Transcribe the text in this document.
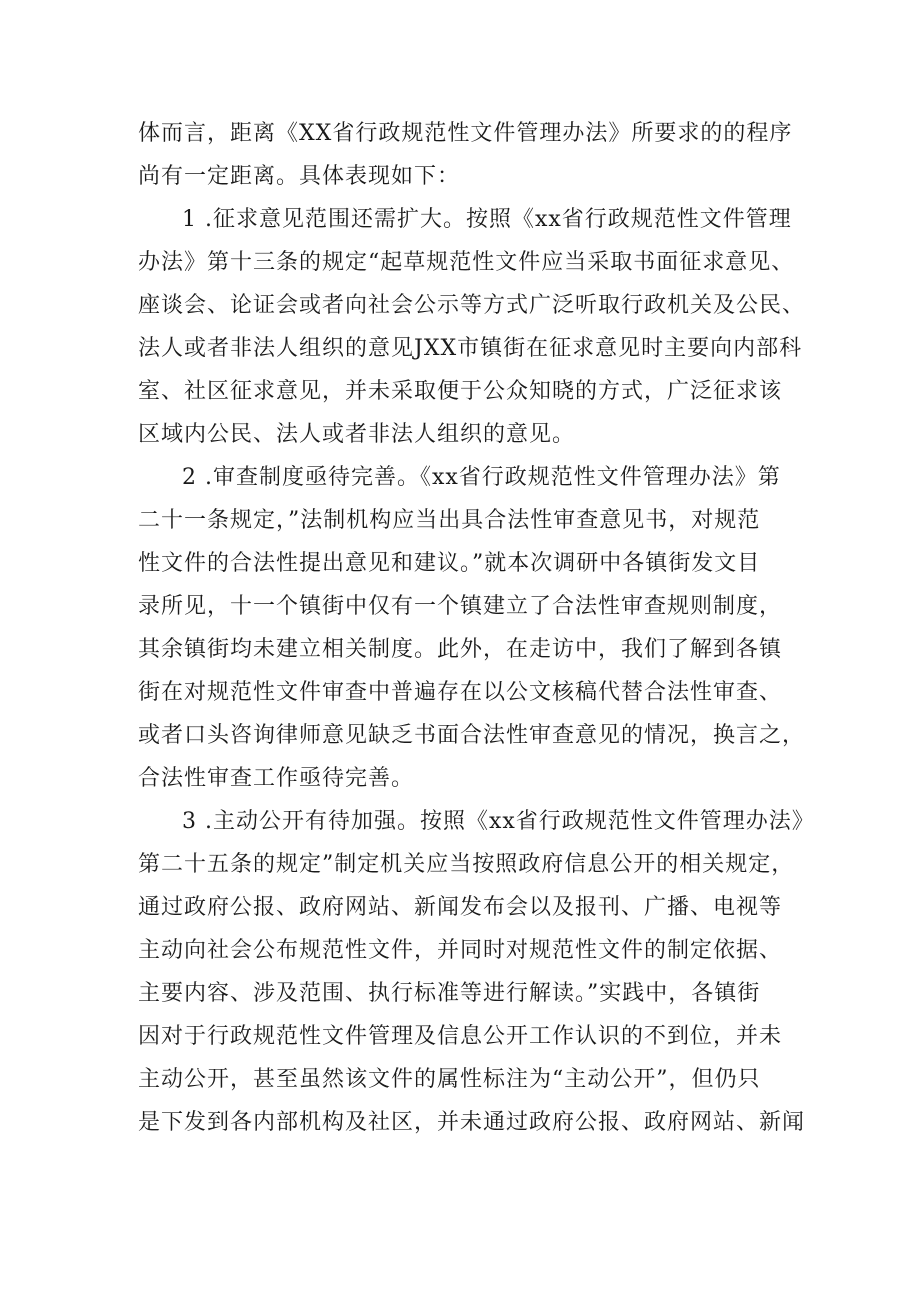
体而言，距离《XX省行政规范性文件管理办法》所要求的的程序
尚有一定距离。具体表现如下：
1 .征求意见范围还需扩大。按照《xx省行政规范性文件管理
办法》第十三条的规定“起草规范性文件应当采取书面征求意见、
座谈会、论证会或者向社会公示等方式广泛听取行政机关及公民、
法人或者非法人组织的意见JXX市镇街在征求意见时主要向内部科
室、社区征求意见，并未采取便于公众知晓的方式，广泛征求该
区域内公民、法人或者非法人组织的意见。
2 .审查制度亟待完善。《xx省行政规范性文件管理办法》第
二十一条规定，”法制机构应当出具合法性审查意见书，对规范
性文件的合法性提出意见和建议。”就本次调研中各镇街发文目
录所见，十一个镇街中仅有一个镇建立了合法性审查规则制度，
其余镇街均未建立相关制度。此外，在走访中，我们了解到各镇
街在对规范性文件审查中普遍存在以公文核稿代替合法性审查、
或者口头咨询律师意见缺乏书面合法性审查意见的情况，换言之，
合法性审查工作亟待完善。
3 .主动公开有待加强。按照《xx省行政规范性文件管理办法》
第二十五条的规定”制定机关应当按照政府信息公开的相关规定，
通过政府公报、政府网站、新闻发布会以及报刊、广播、电视等
主动向社会公布规范性文件，并同时对规范性文件的制定依据、
主要内容、涉及范围、执行标准等进行解读。”实践中，各镇街
因对于行政规范性文件管理及信息公开工作认识的不到位，并未
主动公开，甚至虽然该文件的属性标注为“主动公开”，但仍只
是下发到各内部机构及社区，并未通过政府公报、政府网站、新闻
